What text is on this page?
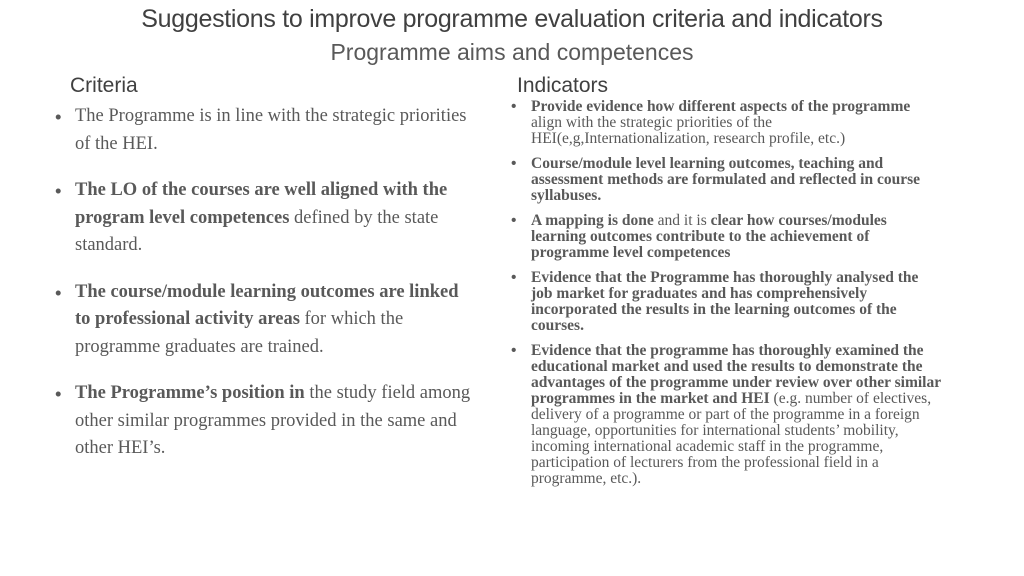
Suggestions to improve programme evaluation criteria and indicators
Programme aims and competences
Criteria	Indicators
• The Programme is in line with the strategic priorities of the HEI.
• The LO of the courses are well aligned with the program level competences defined by the state standard.
• The course/module learning outcomes are linked to professional activity areas for which the programme graduates are trained.
• The Programme’s position in the study field among other similar programmes provided in the same and other HEI’s.
• Provide evidence how different aspects of the programme align with the strategic priorities of the HEI(e,g,Internationalization, research profile, etc.)
• Course/module level learning outcomes, teaching and assessment methods are formulated and reflected in course syllabuses.
• A mapping is done and it is clear how courses/modules learning outcomes contribute to the achievement of programme level competences
• Evidence that the Programme has thoroughly analysed the job market for graduates and has comprehensively incorporated the results in the learning outcomes of the courses.
• Evidence that the programme has thoroughly examined the educational market and used the results to demonstrate the advantages of the programme under review over other similar programmes in the market and HEI (e.g. number of electives, delivery of a programme or part of the programme in a foreign language, opportunities for international students’ mobility, incoming international academic staff in the programme, participation of lecturers from the professional field in a programme, etc.).
